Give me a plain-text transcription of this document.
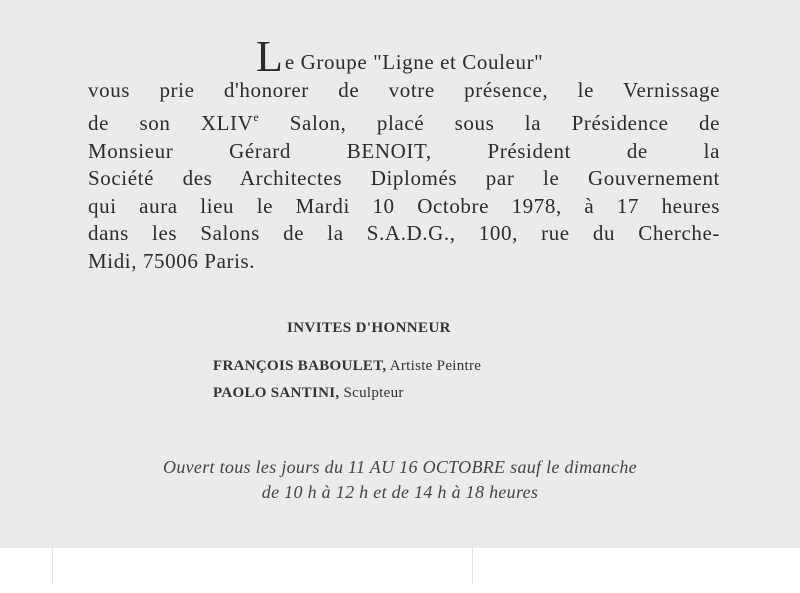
Le Groupe "Ligne et Couleur"
vous prie d'honorer de votre présence, le Vernissage
de son XLIVe Salon, placé sous la Présidence de
Monsieur Gérard BENOIT, Président de la
Société des Architectes Diplomés par le Gouvernement
qui aura lieu le Mardi 10 Octobre 1978, à 17 heures
dans les Salons de la S.A.D.G., 100, rue du Cherche-
Midi, 75006 Paris.
INVITES D'HONNEUR
FRANÇOIS BABOULET, Artiste Peintre
PAOLO SANTINI, Sculpteur
Ouvert tous les jours du 11 AU 16 OCTOBRE sauf le dimanche
de 10 h à 12 h et de 14 h à 18 heures
